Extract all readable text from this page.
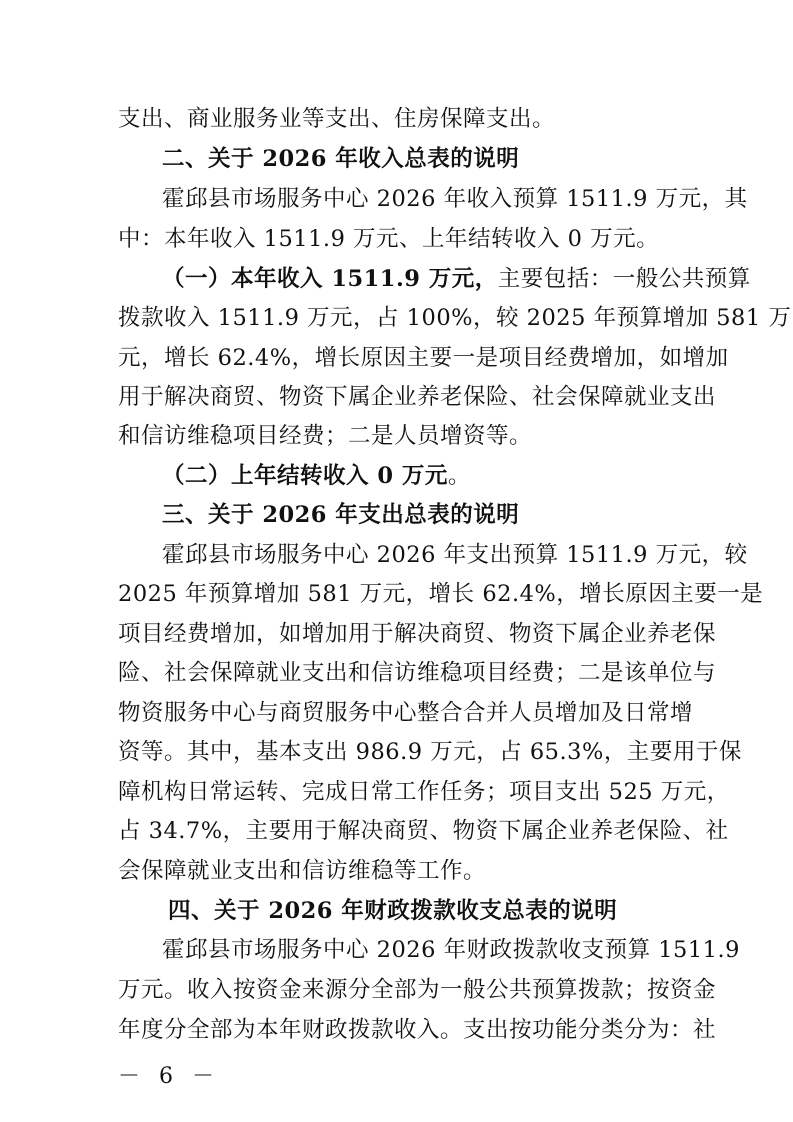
支出、商业服务业等支出、住房保障支出。
二、关于 2026 年收入总表的说明
霍邱县市场服务中心 2026 年收入预算 1511.9 万元，其
中：本年收入 1511.9 万元、上年结转收入 0 万元。
（一）本年收入 1511.9 万元，主要包括：一般公共预算
拨款收入 1511.9 万元，占 100%，较 2025 年预算增加 581 万
元，增长 62.4%，增长原因主要一是项目经费增加，如增加
用于解决商贸、物资下属企业养老保险、社会保障就业支出
和信访维稳项目经费；二是人员增资等。
（二）上年结转收入 0 万元。
三、关于 2026 年支出总表的说明
霍邱县市场服务中心 2026 年支出预算 1511.9 万元，较
2025 年预算增加 581 万元，增长 62.4%，增长原因主要一是
项目经费增加，如增加用于解决商贸、物资下属企业养老保
险、社会保障就业支出和信访维稳项目经费；二是该单位与
物资服务中心与商贸服务中心整合合并人员增加及日常增
资等。其中，基本支出 986.9 万元，占 65.3%，主要用于保
障机构日常运转、完成日常工作任务；项目支出 525 万元，
占 34.7%，主要用于解决商贸、物资下属企业养老保险、社
会保障就业支出和信访维稳等工作。
四、关于 2026 年财政拨款收支总表的说明
霍邱县市场服务中心 2026 年财政拨款收支预算 1511.9
万元。收入按资金来源分全部为一般公共预算拨款；按资金
年度分全部为本年财政拨款收入。支出按功能分类分为：社
－ 6 －
